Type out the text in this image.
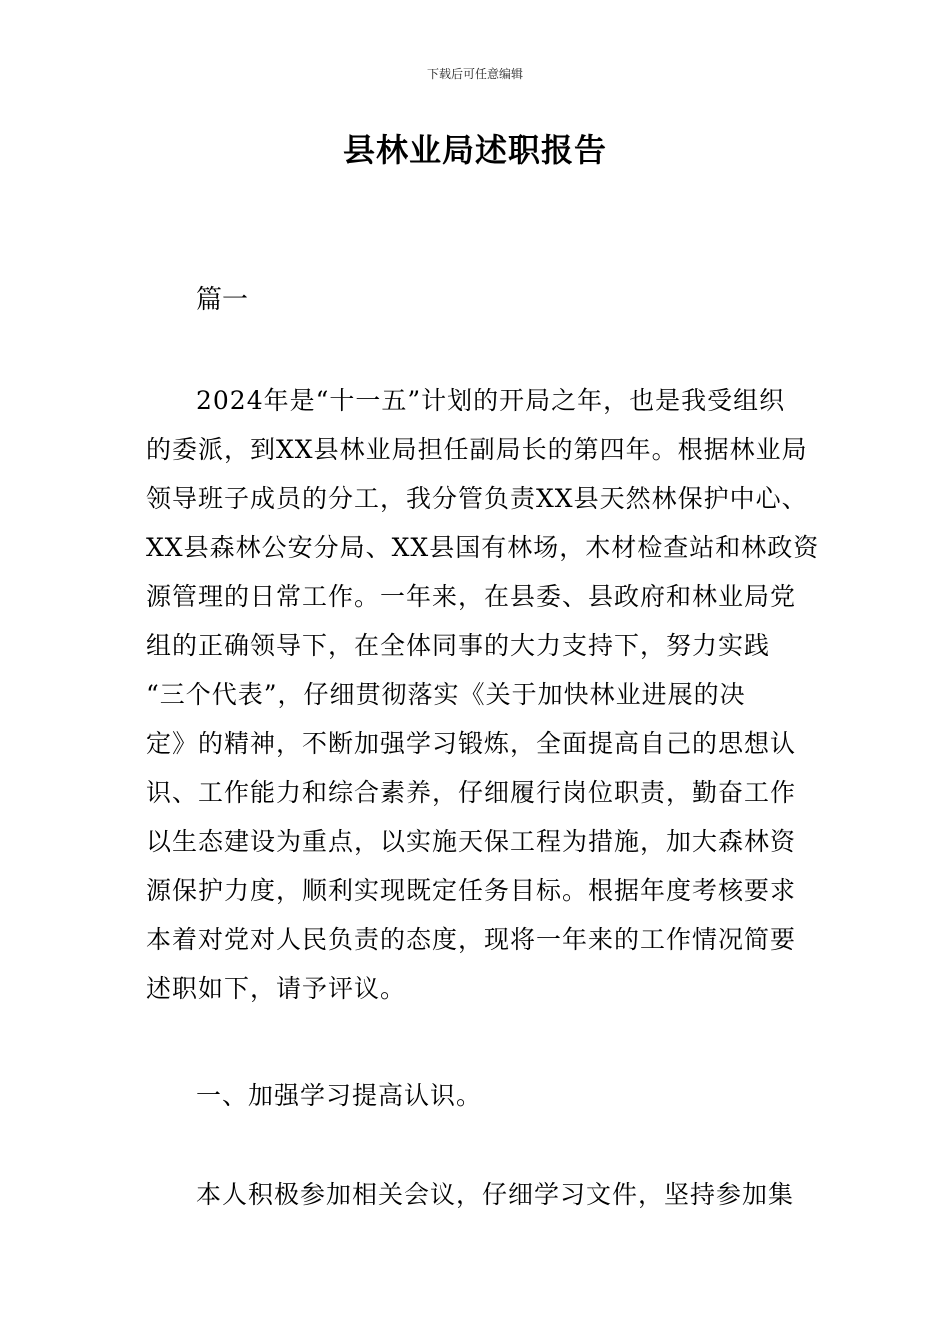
下载后可任意编辑
县林业局述职报告
篇一
2024年是“十一五”计划的开局之年，也是我受组织
的委派，到XX县林业局担任副局长的第四年。根据林业局
领导班子成员的分工，我分管负责XX县天然林保护中心、
XX县森林公安分局、XX县国有林场，木材检查站和林政资
源管理的日常工作。一年来，在县委、县政府和林业局党
组的正确领导下，在全体同事的大力支持下，努力实践
“三个代表”，仔细贯彻落实《关于加快林业进展的决
定》的精神，不断加强学习锻炼，全面提高自己的思想认
识、工作能力和综合素养，仔细履行岗位职责，勤奋工作
以生态建设为重点，以实施天保工程为措施，加大森林资
源保护力度，顺利实现既定任务目标。根据年度考核要求
本着对党对人民负责的态度，现将一年来的工作情况简要
述职如下，请予评议。
一、加强学习提高认识。
本人积极参加相关会议，仔细学习文件，坚持参加集
